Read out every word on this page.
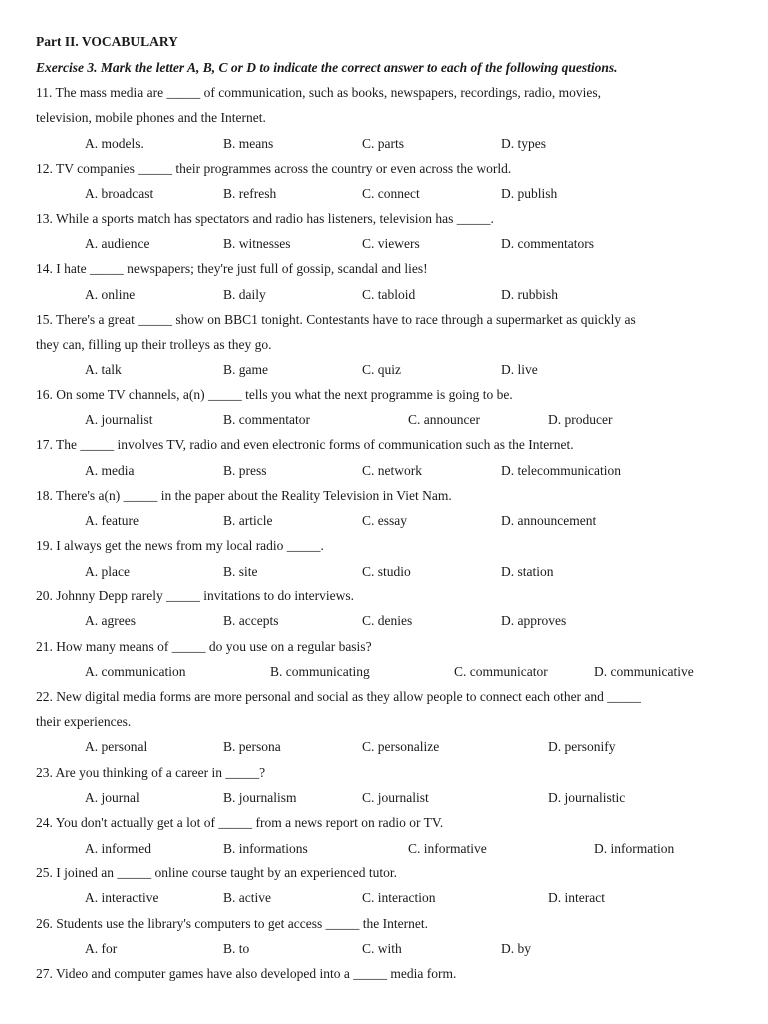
Part II. VOCABULARY
Exercise 3. Mark the letter A, B, C or D to indicate the correct answer to each of the following questions.
11. The mass media are _____ of communication, such as books, newspapers, recordings, radio, movies,
television, mobile phones and the Internet.
A. models.	B. means	C. parts	D. types
12. TV companies _____ their programmes across the country or even across the world.
A. broadcast	B. refresh	C. connect	D. publish
13. While a sports match has spectators and radio has listeners, television has _____.
A. audience	B. witnesses	C. viewers	D. commentators
14. I hate _____ newspapers; they're just full of gossip, scandal and lies!
A. online	B. daily	C. tabloid	D. rubbish
15. There's a great _____ show on BBC1 tonight. Contestants have to race through a supermarket as quickly as
they can, filling up their trolleys as they go.
A. talk	B. game	C. quiz	D. live
16. On some TV channels, a(n) _____ tells you what the next programme is going to be.
A. journalist	B. commentator	C. announcer	D. producer
17. The _____ involves TV, radio and even electronic forms of communication such as the Internet.
A. media	B. press	C. network	D. telecommunication
18. There's a(n) _____ in the paper about the Reality Television in Viet Nam.
A. feature	B. article	C. essay	D. announcement
19. I always get the news from my local radio _____.
A. place	B. site	C. studio	D. station
20. Johnny Depp rarely _____ invitations to do interviews.
A. agrees	B. accepts	C. denies	D. approves
21. How many means of _____ do you use on a regular basis?
A. communication	B. communicating	C. communicator	D. communicative
22. New digital media forms are more personal and social as they allow people to connect each other and _____
their experiences.
A. personal	B. persona	C. personalize	D. personify
23. Are you thinking of a career in _____?
A. journal	B. journalism	C. journalist	D. journalistic
24. You don't actually get a lot of _____ from a news report on radio or TV.
A. informed	B. informations	C. informative	D. information
25. I joined an _____ online course taught by an experienced tutor.
A. interactive	B. active	C. interaction	D. interact
26. Students use the library's computers to get access _____ the Internet.
A. for	B. to	C. with	D. by
27. Video and computer games have also developed into a _____ media form.
